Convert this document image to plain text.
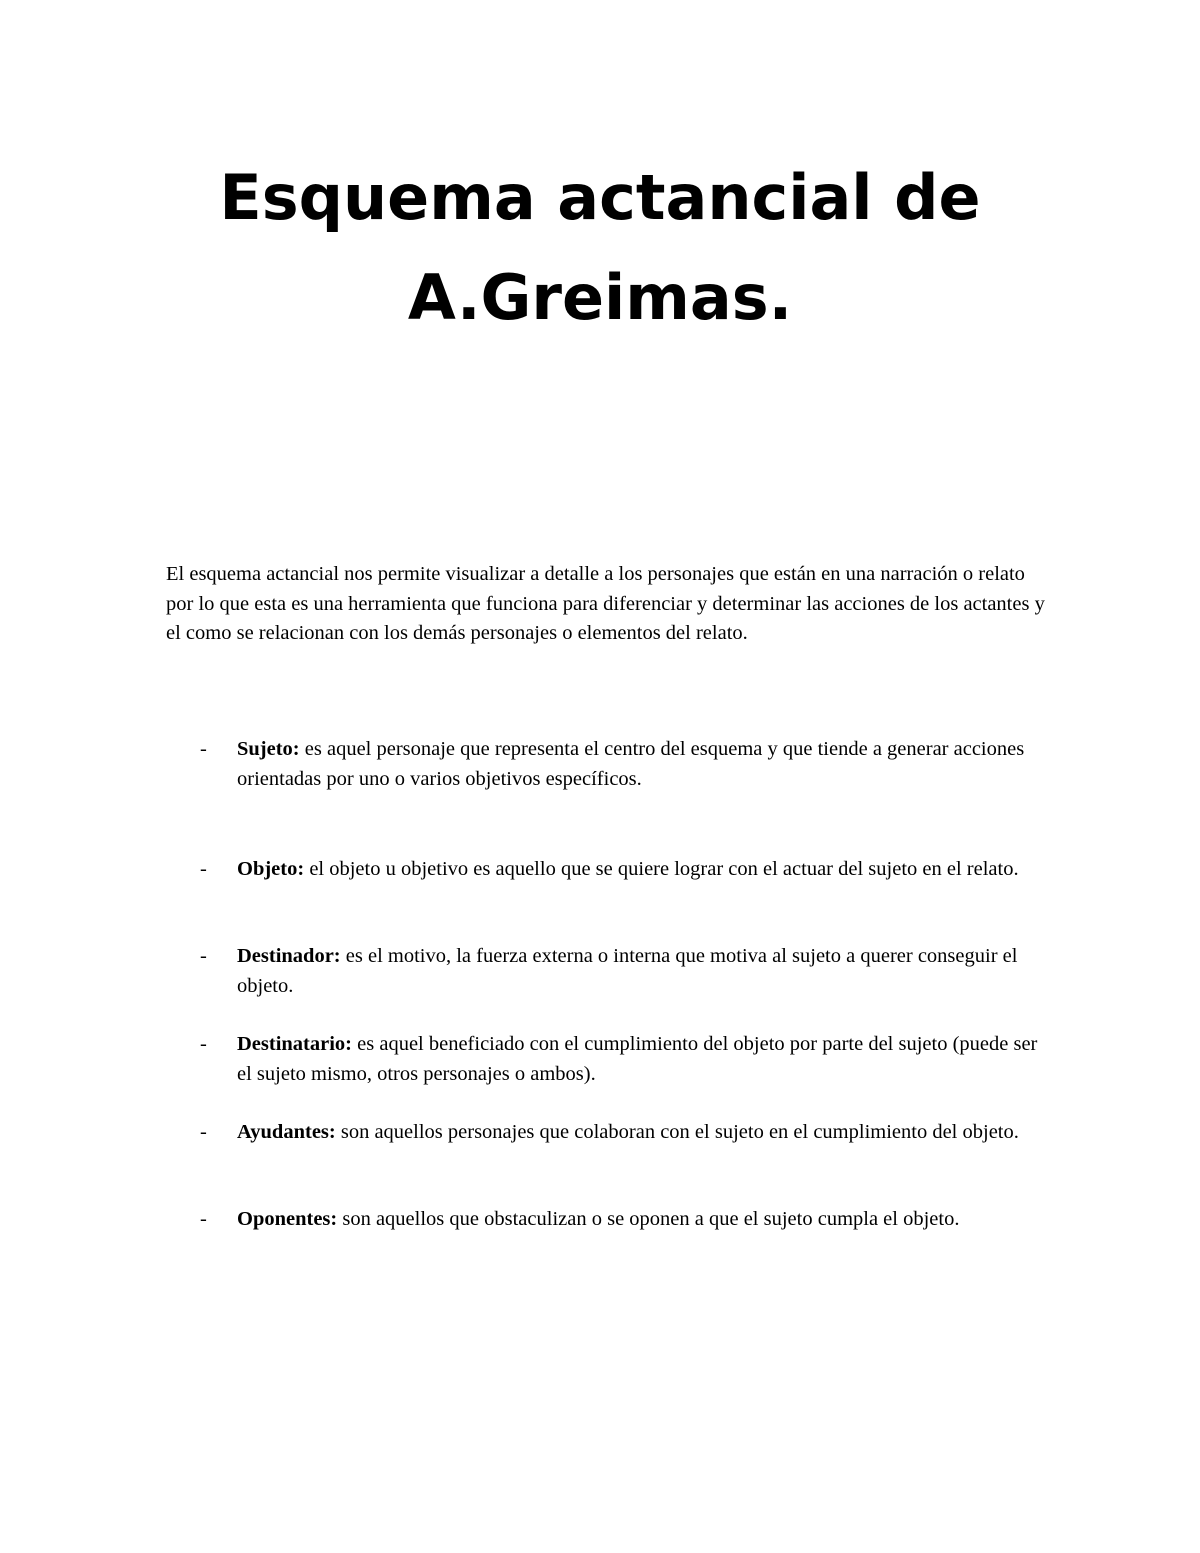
Esquema actancial de
A.Greimas.

El esquema actancial nos permite visualizar a detalle a los personajes que están en una narración o relato por lo que esta es una herramienta que funciona para diferenciar y determinar las acciones de los actantes y el como se relacionan con los demás personajes o elementos del relato.

-	Sujeto: es aquel personaje que representa el centro del esquema y que tiende a generar acciones orientadas por uno o varios objetivos específicos.
-	Objeto: el objeto u objetivo es aquello que se quiere lograr con el actuar del sujeto en el relato.
-	Destinador: es el motivo, la fuerza externa o interna que motiva al sujeto a querer conseguir el objeto.
-	Destinatario: es aquel beneficiado con el cumplimiento del objeto por parte del sujeto (puede ser el sujeto mismo, otros personajes o ambos).
-	Ayudantes: son aquellos personajes que colaboran con el sujeto en el cumplimiento del objeto.
-	Oponentes: son aquellos que obstaculizan o se oponen a que el sujeto cumpla el objeto.
